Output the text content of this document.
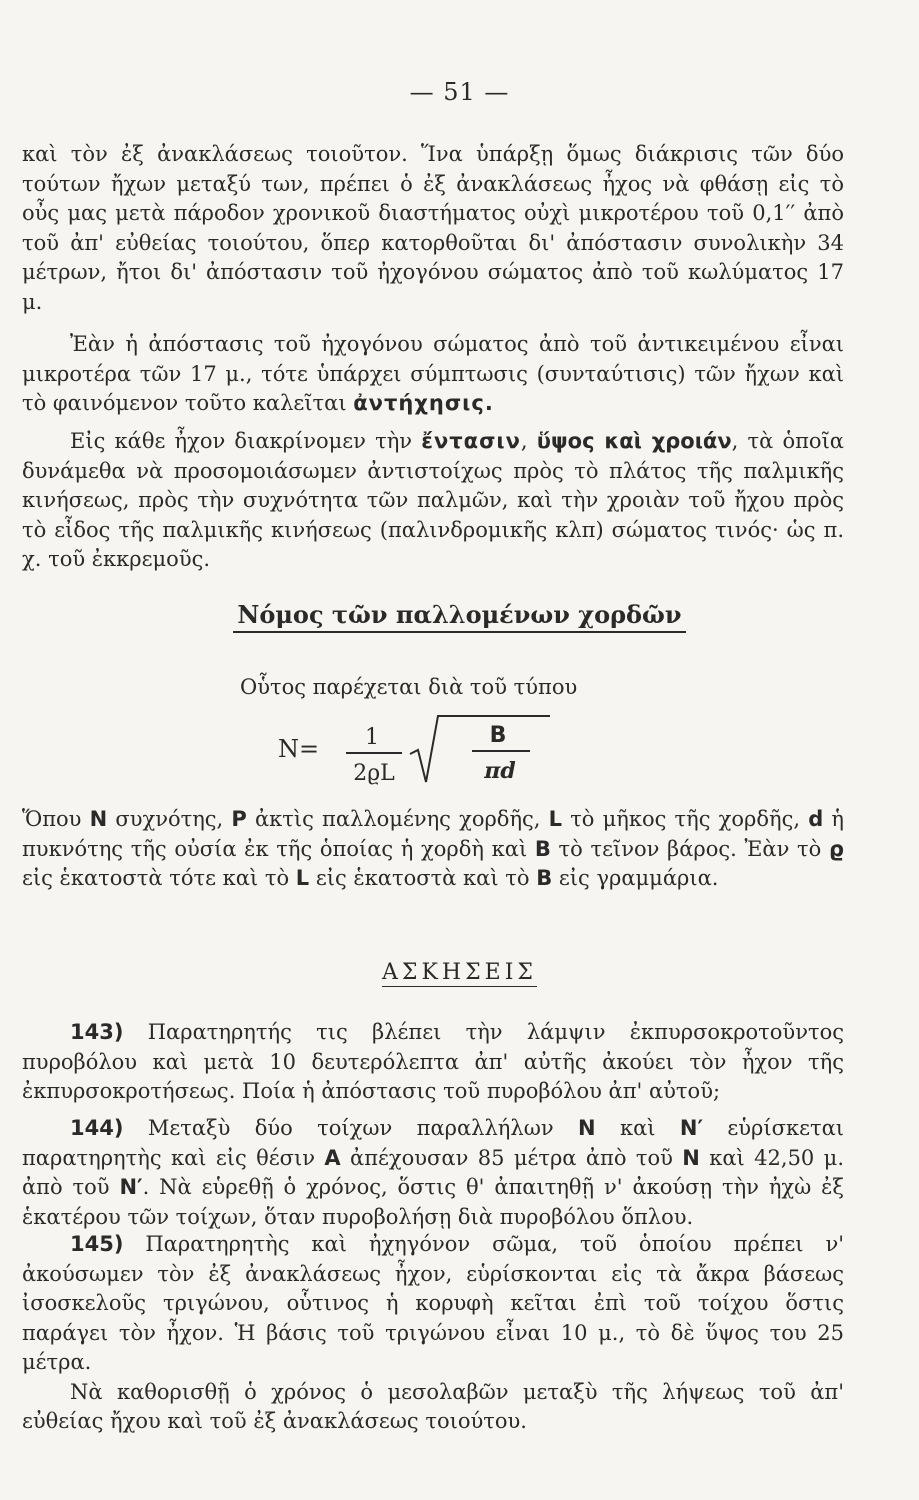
— 51 —

καὶ τὸν ἐξ ἀνακλάσεως τοιοῦτον. Ἵνα ὑπάρξῃ ὅμως διάκρισις τῶν δύο τούτων ἤχων μεταξύ των, πρέπει ὁ ἐξ ἀνακλάσεως ἦχος νὰ φθάσῃ εἰς τὸ οὖς μας μετὰ πάροδον χρονικοῦ διαστήματος οὐχὶ μικροτέρου τοῦ 0,1′′ ἀπὸ τοῦ ἀπ' εὐθείας τοιούτου, ὅπερ κατορθοῦται δι' ἀπόστασιν συνολικὴν 34 μέτρων, ἤτοι δι' ἀπόστασιν τοῦ ἠχογόνου σώματος ἀπὸ τοῦ κωλύματος 17 μ.

Ἐὰν ἡ ἀπόστασις τοῦ ἠχογόνου σώματος ἀπὸ τοῦ ἀντικειμένου εἶναι μικροτέρα τῶν 17 μ., τότε ὑπάρχει σύμπτωσις (συνταύτισις) τῶν ἤχων καὶ τὸ φαινόμενον τοῦτο καλεῖται ἀντήχησις.

Εἰς κάθε ἦχον διακρίνομεν τὴν ἔντασιν, ὕψος καὶ χροιάν, τὰ ὁποῖα δυνάμεθα νὰ προσομοιάσωμεν ἀντιστοίχως πρὸς τὸ πλάτος τῆς παλμικῆς κινήσεως, πρὸς τὴν συχνότητα τῶν παλμῶν, καὶ τὴν χροιὰν τοῦ ἤχου πρὸς τὸ εἶδος τῆς παλμικῆς κινήσεως (παλινδρομικῆς κλπ) σώματος τινός· ὡς π. χ. τοῦ ἐκκρεμοῦς.

Νόμος τῶν παλλομένων χορδῶν
Οὗτος παρέχεται διὰ τοῦ τύπου
N= 1
2ϱL
B
πd

Ὅπου N συχνότης, P ἀκτὶς παλλομένης χορδῆς, L τὸ μῆκος τῆς χορδῆς, d ἡ πυκνότης τῆς οὐσία ἐκ τῆς ὁποίας ἡ χορδὴ καὶ B τὸ τεῖνον βάρος. Ἐὰν τὸ ϱ εἰς ἑκατοστὰ τότε καὶ τὸ L εἰς ἑκατοστὰ καὶ τὸ B εἰς γραμμάρια.

ΑΣΚΗΣΕΙΣ

143) Παρατηρητής τις βλέπει τὴν λάμψιν ἐκπυρσοκροτοῦντος πυροβόλου καὶ μετὰ 10 δευτερόλεπτα ἀπ' αὐτῆς ἀκούει τὸν ἦχον τῆς ἐκπυρσοκροτήσεως. Ποία ἡ ἀπόστασις τοῦ πυροβόλου ἀπ' αὐτοῦ;

144) Μεταξὺ δύο τοίχων παραλλήλων N καὶ N′ εὑρίσκεται παρατηρητὴς καὶ εἰς θέσιν A ἀπέχουσαν 85 μέτρα ἀπὸ τοῦ N καὶ 42,50 μ. ἀπὸ τοῦ N′. Νὰ εὑρεθῇ ὁ χρόνος, ὅστις θ' ἀπαιτηθῇ ν' ἀκούσῃ τὴν ἠχὼ ἐξ ἑκατέρου τῶν τοίχων, ὅταν πυροβολήσῃ διὰ πυροβόλου ὅπλου.

145) Παρατηρητὴς καὶ ἠχηγόνον σῶμα, τοῦ ὁποίου πρέπει ν' ἀκούσωμεν τὸν ἐξ ἀνακλάσεως ἦχον, εὑρίσκονται εἰς τὰ ἄκρα βάσεως ἰσοσκελοῦς τριγώνου, οὗτινος ἡ κορυφὴ κεῖται ἐπὶ τοῦ τοίχου ὅστις παράγει τὸν ἦχον. Ἡ βάσις τοῦ τριγώνου εἶναι 10 μ., τὸ δὲ ὕψος του 25 μέτρα.

Νὰ καθορισθῇ ὁ χρόνος ὁ μεσολαβῶν μεταξὺ τῆς λήψεως τοῦ ἀπ' εὐθείας ἤχου καὶ τοῦ ἐξ ἀνακλάσεως τοιούτου.
